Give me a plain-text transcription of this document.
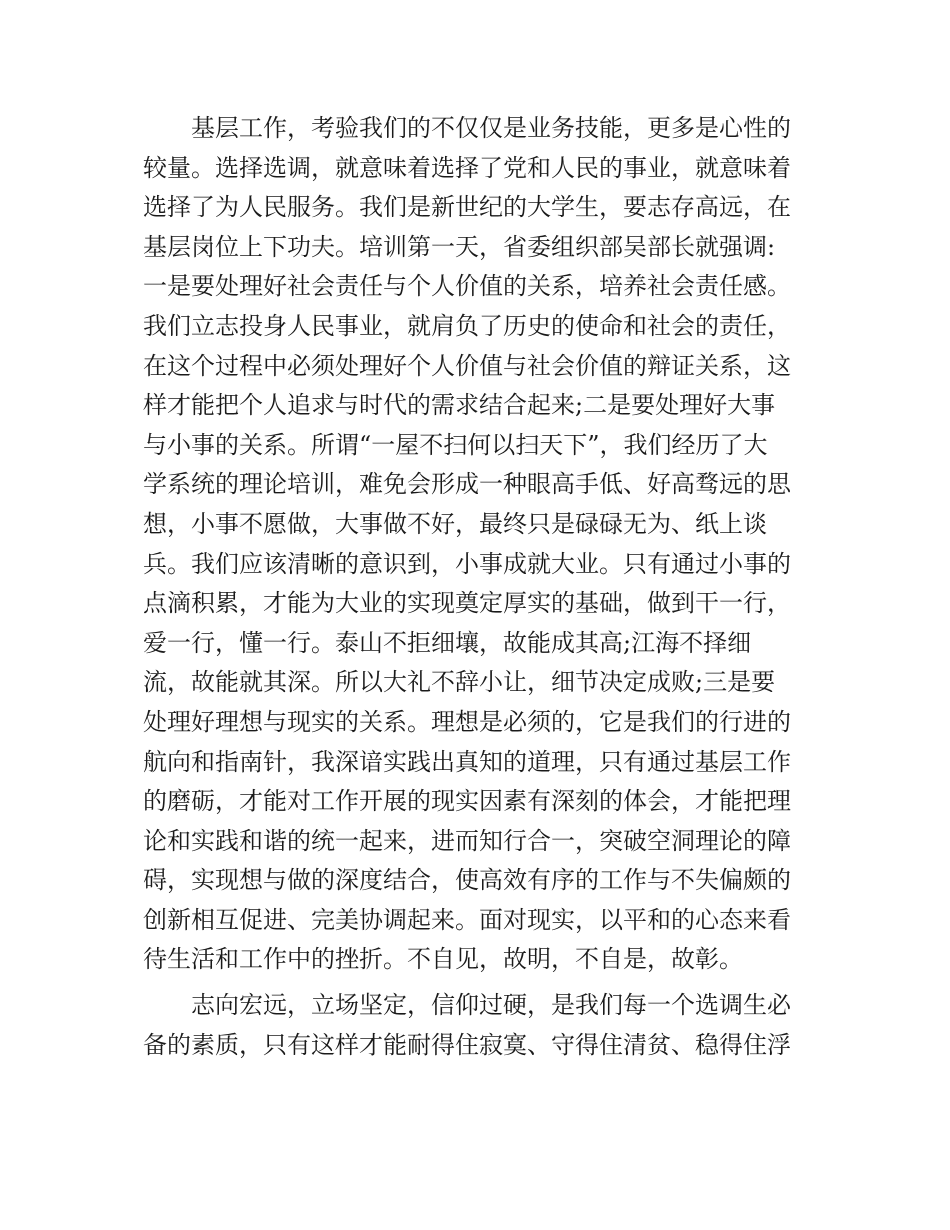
基层工作，考验我们的不仅仅是业务技能，更多是心性的
较量。选择选调，就意味着选择了党和人民的事业，就意味着
选择了为人民服务。我们是新世纪的大学生，要志存高远，在
基层岗位上下功夫。培训第一天，省委组织部吴部长就强调:
一是要处理好社会责任与个人价值的关系，培养社会责任感。
我们立志投身人民事业，就肩负了历史的使命和社会的责任，
在这个过程中必须处理好个人价值与社会价值的辩证关系，这
样才能把个人追求与时代的需求结合起来;二是要处理好大事
与小事的关系。所谓“一屋不扫何以扫天下”，我们经历了大
学系统的理论培训，难免会形成一种眼高手低、好高骛远的思
想，小事不愿做，大事做不好，最终只是碌碌无为、纸上谈
兵。我们应该清晰的意识到，小事成就大业。只有通过小事的
点滴积累，才能为大业的实现奠定厚实的基础，做到干一行，
爱一行，懂一行。泰山不拒细壤，故能成其高;江海不择细
流，故能就其深。所以大礼不辞小让，细节决定成败;三是要
处理好理想与现实的关系。理想是必须的，它是我们的行进的
航向和指南针，我深谙实践出真知的道理，只有通过基层工作
的磨砺，才能对工作开展的现实因素有深刻的体会，才能把理
论和实践和谐的统一起来，进而知行合一，突破空洞理论的障
碍，实现想与做的深度结合，使高效有序的工作与不失偏颇的
创新相互促进、完美协调起来。面对现实，以平和的心态来看
待生活和工作中的挫折。不自见，故明，不自是，故彰。
志向宏远，立场坚定，信仰过硬，是我们每一个选调生必
备的素质，只有这样才能耐得住寂寞、守得住清贫、稳得住浮
